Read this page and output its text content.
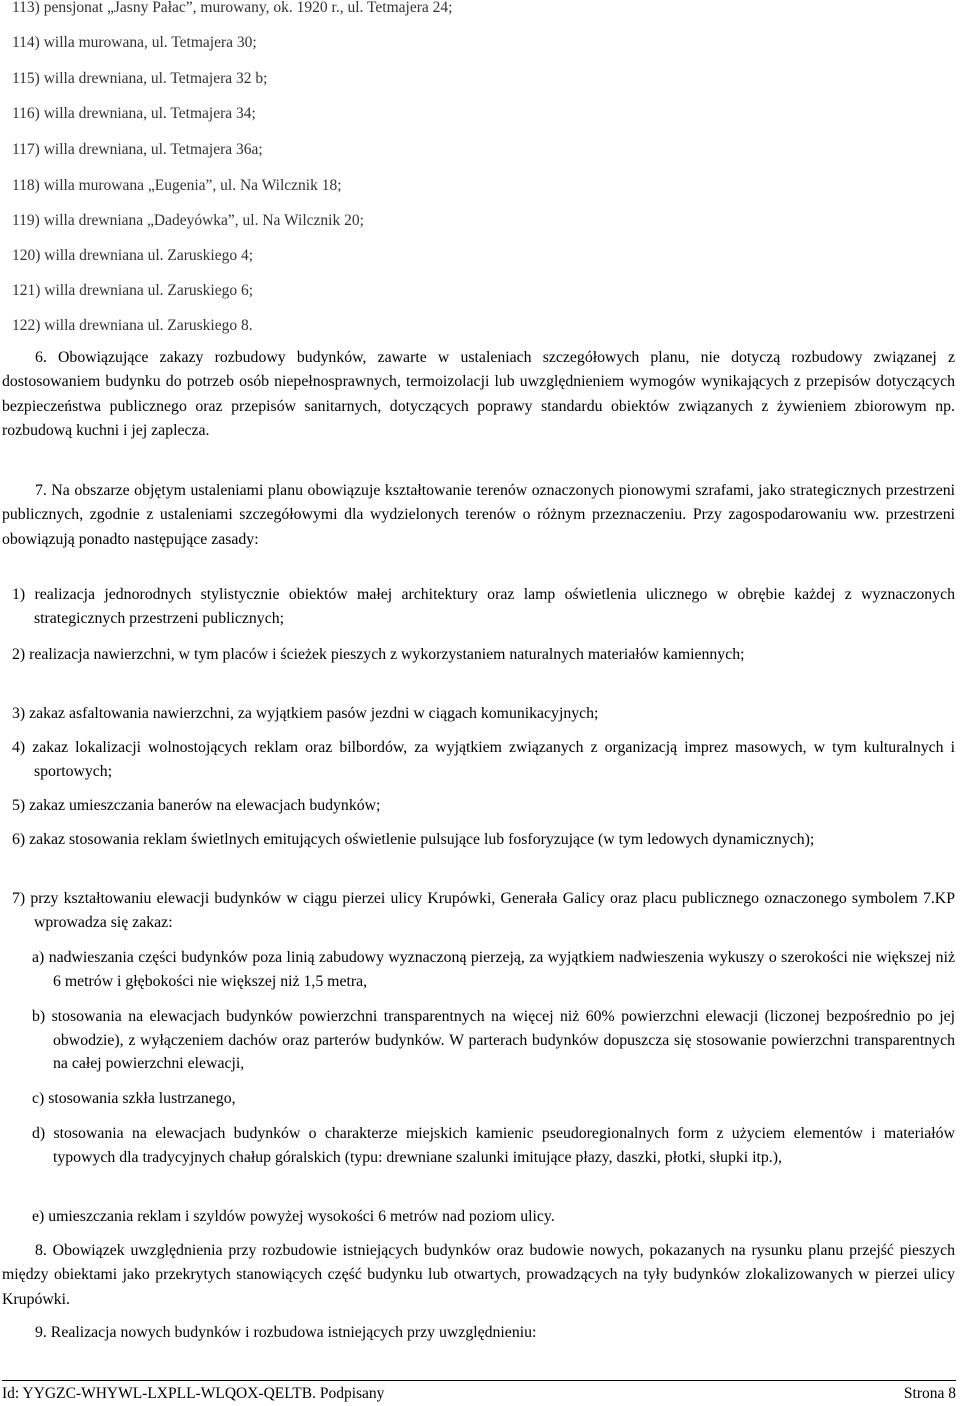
113) pensjonat „Jasny Pałac”, murowany, ok. 1920 r., ul. Tetmajera 24;
114) willa murowana, ul. Tetmajera 30;
115) willa drewniana, ul. Tetmajera 32 b;
116) willa drewniana, ul. Tetmajera 34;
117) willa drewniana, ul. Tetmajera 36a;
118) willa murowana „Eugenia”, ul. Na Wilcznik 18;
119) willa drewniana „Dadeyówka”, ul. Na Wilcznik 20;
120) willa drewniana ul. Zaruskiego 4;
121) willa drewniana ul. Zaruskiego 6;
122) willa drewniana ul. Zaruskiego 8.
6. Obowiązujące zakazy rozbudowy budynków, zawarte w ustaleniach szczegółowych planu, nie dotyczą rozbudowy związanej z dostosowaniem budynku do potrzeb osób niepełnosprawnych, termoizolacji lub uwzględnieniem wymogów wynikających z przepisów dotyczących bezpieczeństwa publicznego oraz przepisów sanitarnych, dotyczących poprawy standardu obiektów związanych z żywieniem zbiorowym np. rozbudową kuchni i jej zaplecza.
7. Na obszarze objętym ustaleniami planu obowiązuje kształtowanie terenów oznaczonych pionowymi szrafami, jako strategicznych przestrzeni publicznych, zgodnie z ustaleniami szczegółowymi dla wydzielonych terenów o różnym przeznaczeniu. Przy zagospodarowaniu ww. przestrzeni obowiązują ponadto następujące zasady:
1) realizacja jednorodnych stylistycznie obiektów małej architektury oraz lamp oświetlenia ulicznego w obrębie każdej z wyznaczonych strategicznych przestrzeni publicznych;
2) realizacja nawierzchni, w tym placów i ścieżek pieszych z wykorzystaniem naturalnych materiałów kamiennych;
3) zakaz asfaltowania nawierzchni, za wyjątkiem pasów jezdni w ciągach komunikacyjnych;
4) zakaz lokalizacji wolnostojących reklam oraz bilbordów, za wyjątkiem związanych z organizacją imprez masowych, w tym kulturalnych i sportowych;
5) zakaz umieszczania banerów na elewacjach budynków;
6) zakaz stosowania reklam świetlnych emitujących oświetlenie pulsujące lub fosforyzujące (w tym ledowych dynamicznych);
7) przy kształtowaniu elewacji budynków w ciągu pierzei ulicy Krupówki, Generała Galicy oraz placu publicznego oznaczonego symbolem 7.KP wprowadza się zakaz:
a) nadwieszania części budynków poza linią zabudowy wyznaczoną pierzeją, za wyjątkiem nadwieszenia wykuszy o szerokości nie większej niż 6 metrów i głębokości nie większej niż 1,5 metra,
b) stosowania na elewacjach budynków powierzchni transparentnych na więcej niż 60% powierzchni elewacji (liczonej bezpośrednio po jej obwodzie), z wyłączeniem dachów oraz parterów budynków. W parterach budynków dopuszcza się stosowanie powierzchni transparentnych na całej powierzchni elewacji,
c) stosowania szkła lustrzanego,
d) stosowania na elewacjach budynków o charakterze miejskich kamienic pseudoregionalnych form z użyciem elementów i materiałów typowych dla tradycyjnych chałup góralskich (typu: drewniane szalunki imitujące płazy, daszki, płotki, słupki itp.),
e) umieszczania reklam i szyldów powyżej wysokości 6 metrów nad poziom ulicy.
8. Obowiązek uwzględnienia przy rozbudowie istniejących budynków oraz budowie nowych, pokazanych na rysunku planu przejść pieszych między obiektami jako przekrytych stanowiących część budynku lub otwartych, prowadzących na tyły budynków zlokalizowanych w pierzei ulicy Krupówki.
9. Realizacja nowych budynków i rozbudowa istniejących przy uwzględnieniu:
Id: YYGZC-WHYWL-LXPLL-WLQOX-QELTB. Podpisany	Strona 8
